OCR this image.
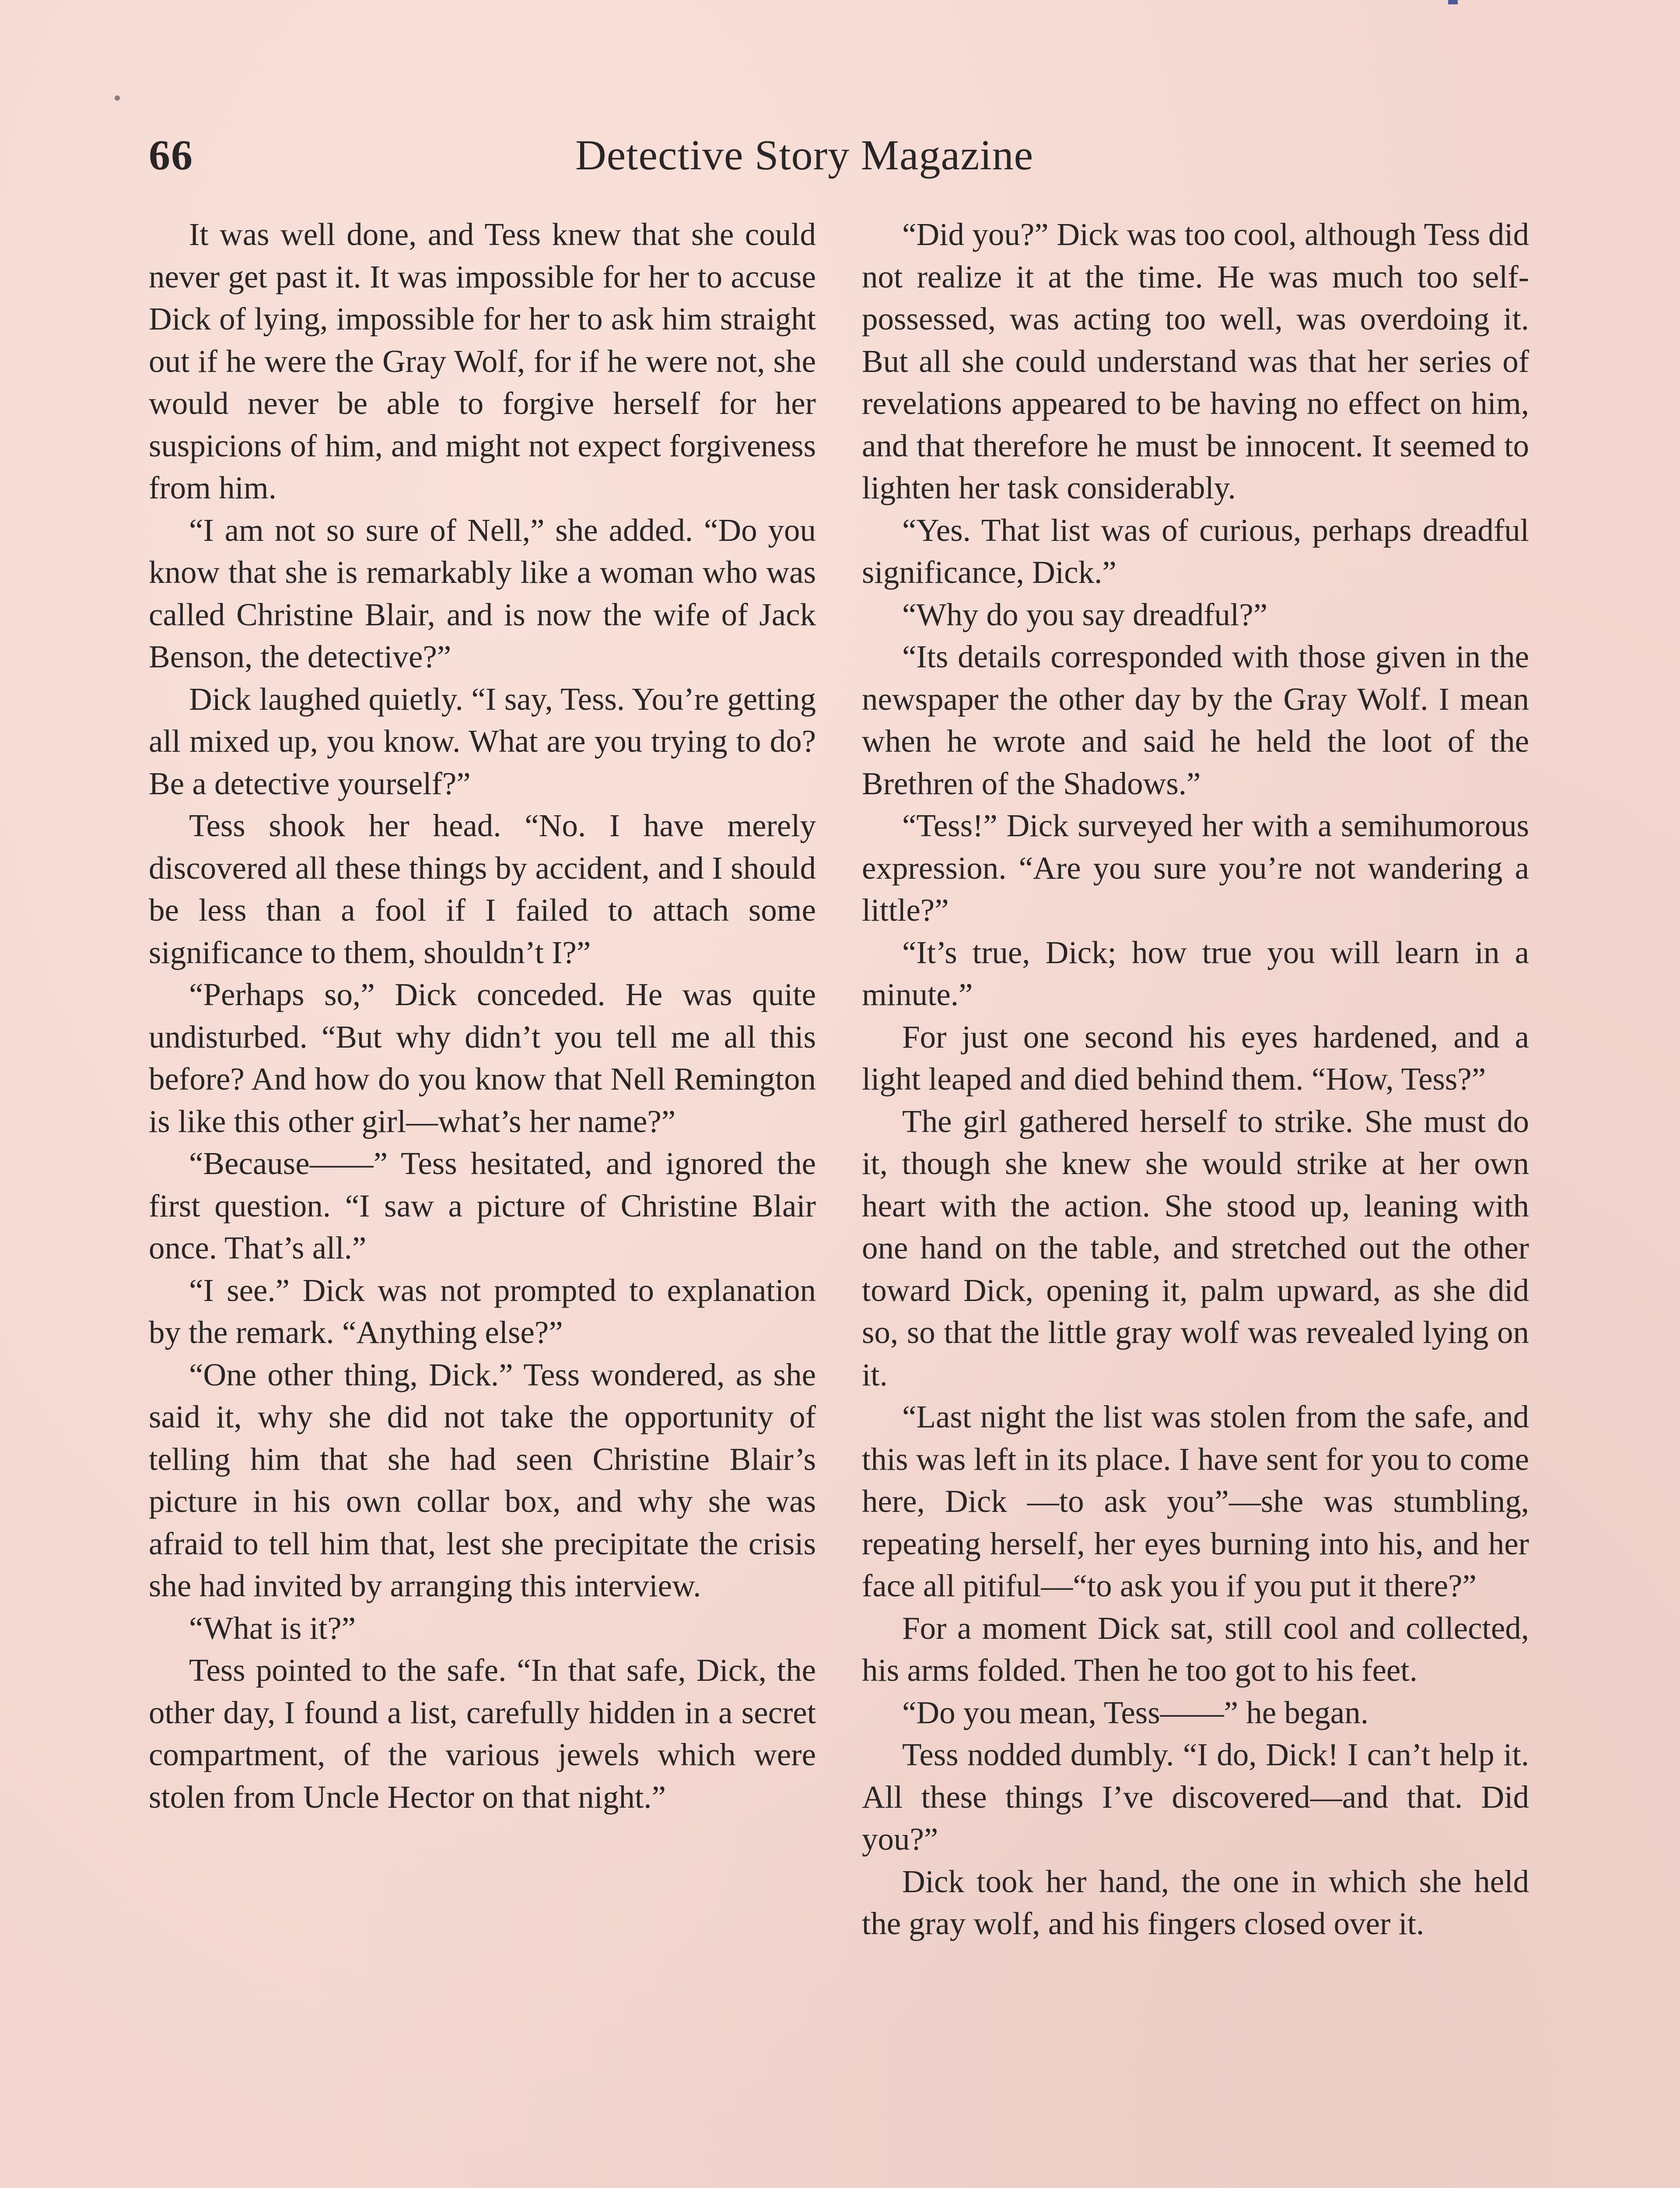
66	Detective Story Magazine

It was well done, and Tess knew that she could never get past it. It was impossible for her to accuse Dick of lying, impossible for her to ask him straight out if he were the Gray Wolf, for if he were not, she would never be able to forgive herself for her suspicions of him, and might not expect forgiveness from him.

“I am not so sure of Nell,” she added. “Do you know that she is remarkably like a woman who was called Christine Blair, and is now the wife of Jack Benson, the detective?”

Dick laughed quietly. “I say, Tess. You’re getting all mixed up, you know. What are you trying to do? Be a detective yourself?”

Tess shook her head. “No. I have merely discovered all these things by accident, and I should be less than a fool if I failed to attach some significance to them, shouldn’t I?”

“Perhaps so,” Dick conceded. He was quite undisturbed. “But why didn’t you tell me all this before? And how do you know that Nell Remington is like this other girl—what’s her name?”

“Because——” Tess hesitated, and ignored the first question. “I saw a picture of Christine Blair once. That’s all.”

“I see.” Dick was not prompted to explanation by the remark. “Anything else?”

“One other thing, Dick.” Tess wondered, as she said it, why she did not take the opportunity of telling him that she had seen Christine Blair’s picture in his own collar box, and why she was afraid to tell him that, lest she precipitate the crisis she had invited by arranging this interview.

“What is it?”

Tess pointed to the safe. “In that safe, Dick, the other day, I found a list, carefully hidden in a secret compartment, of the various jewels which were stolen from Uncle Hector on that night.”

“Did you?” Dick was too cool, although Tess did not realize it at the time. He was much too self-possessed, was acting too well, was overdoing it. But all she could understand was that her series of revelations appeared to be having no effect on him, and that therefore he must be innocent. It seemed to lighten her task considerably.

“Yes. That list was of curious, perhaps dreadful significance, Dick.”

“Why do you say dreadful?”

“Its details corresponded with those given in the newspaper the other day by the Gray Wolf. I mean when he wrote and said he held the loot of the Brethren of the Shadows.”

“Tess!” Dick surveyed her with a semihumorous expression. “Are you sure you’re not wandering a little?”

“It’s true, Dick; how true you will learn in a minute.”

For just one second his eyes hardened, and a light leaped and died behind them. “How, Tess?”

The girl gathered herself to strike. She must do it, though she knew she would strike at her own heart with the action. She stood up, leaning with one hand on the table, and stretched out the other toward Dick, opening it, palm upward, as she did so, so that the little gray wolf was revealed lying on it.

“Last night the list was stolen from the safe, and this was left in its place. I have sent for you to come here, Dick —to ask you”—she was stumbling, repeating herself, her eyes burning into his, and her face all pitiful—“to ask you if you put it there?”

For a moment Dick sat, still cool and collected, his arms folded. Then he too got to his feet.

“Do you mean, Tess——” he began.

Tess nodded dumbly. “I do, Dick! I can’t help it. All these things I’ve discovered—and that. Did you?”

Dick took her hand, the one in which she held the gray wolf, and his fingers closed over it.
